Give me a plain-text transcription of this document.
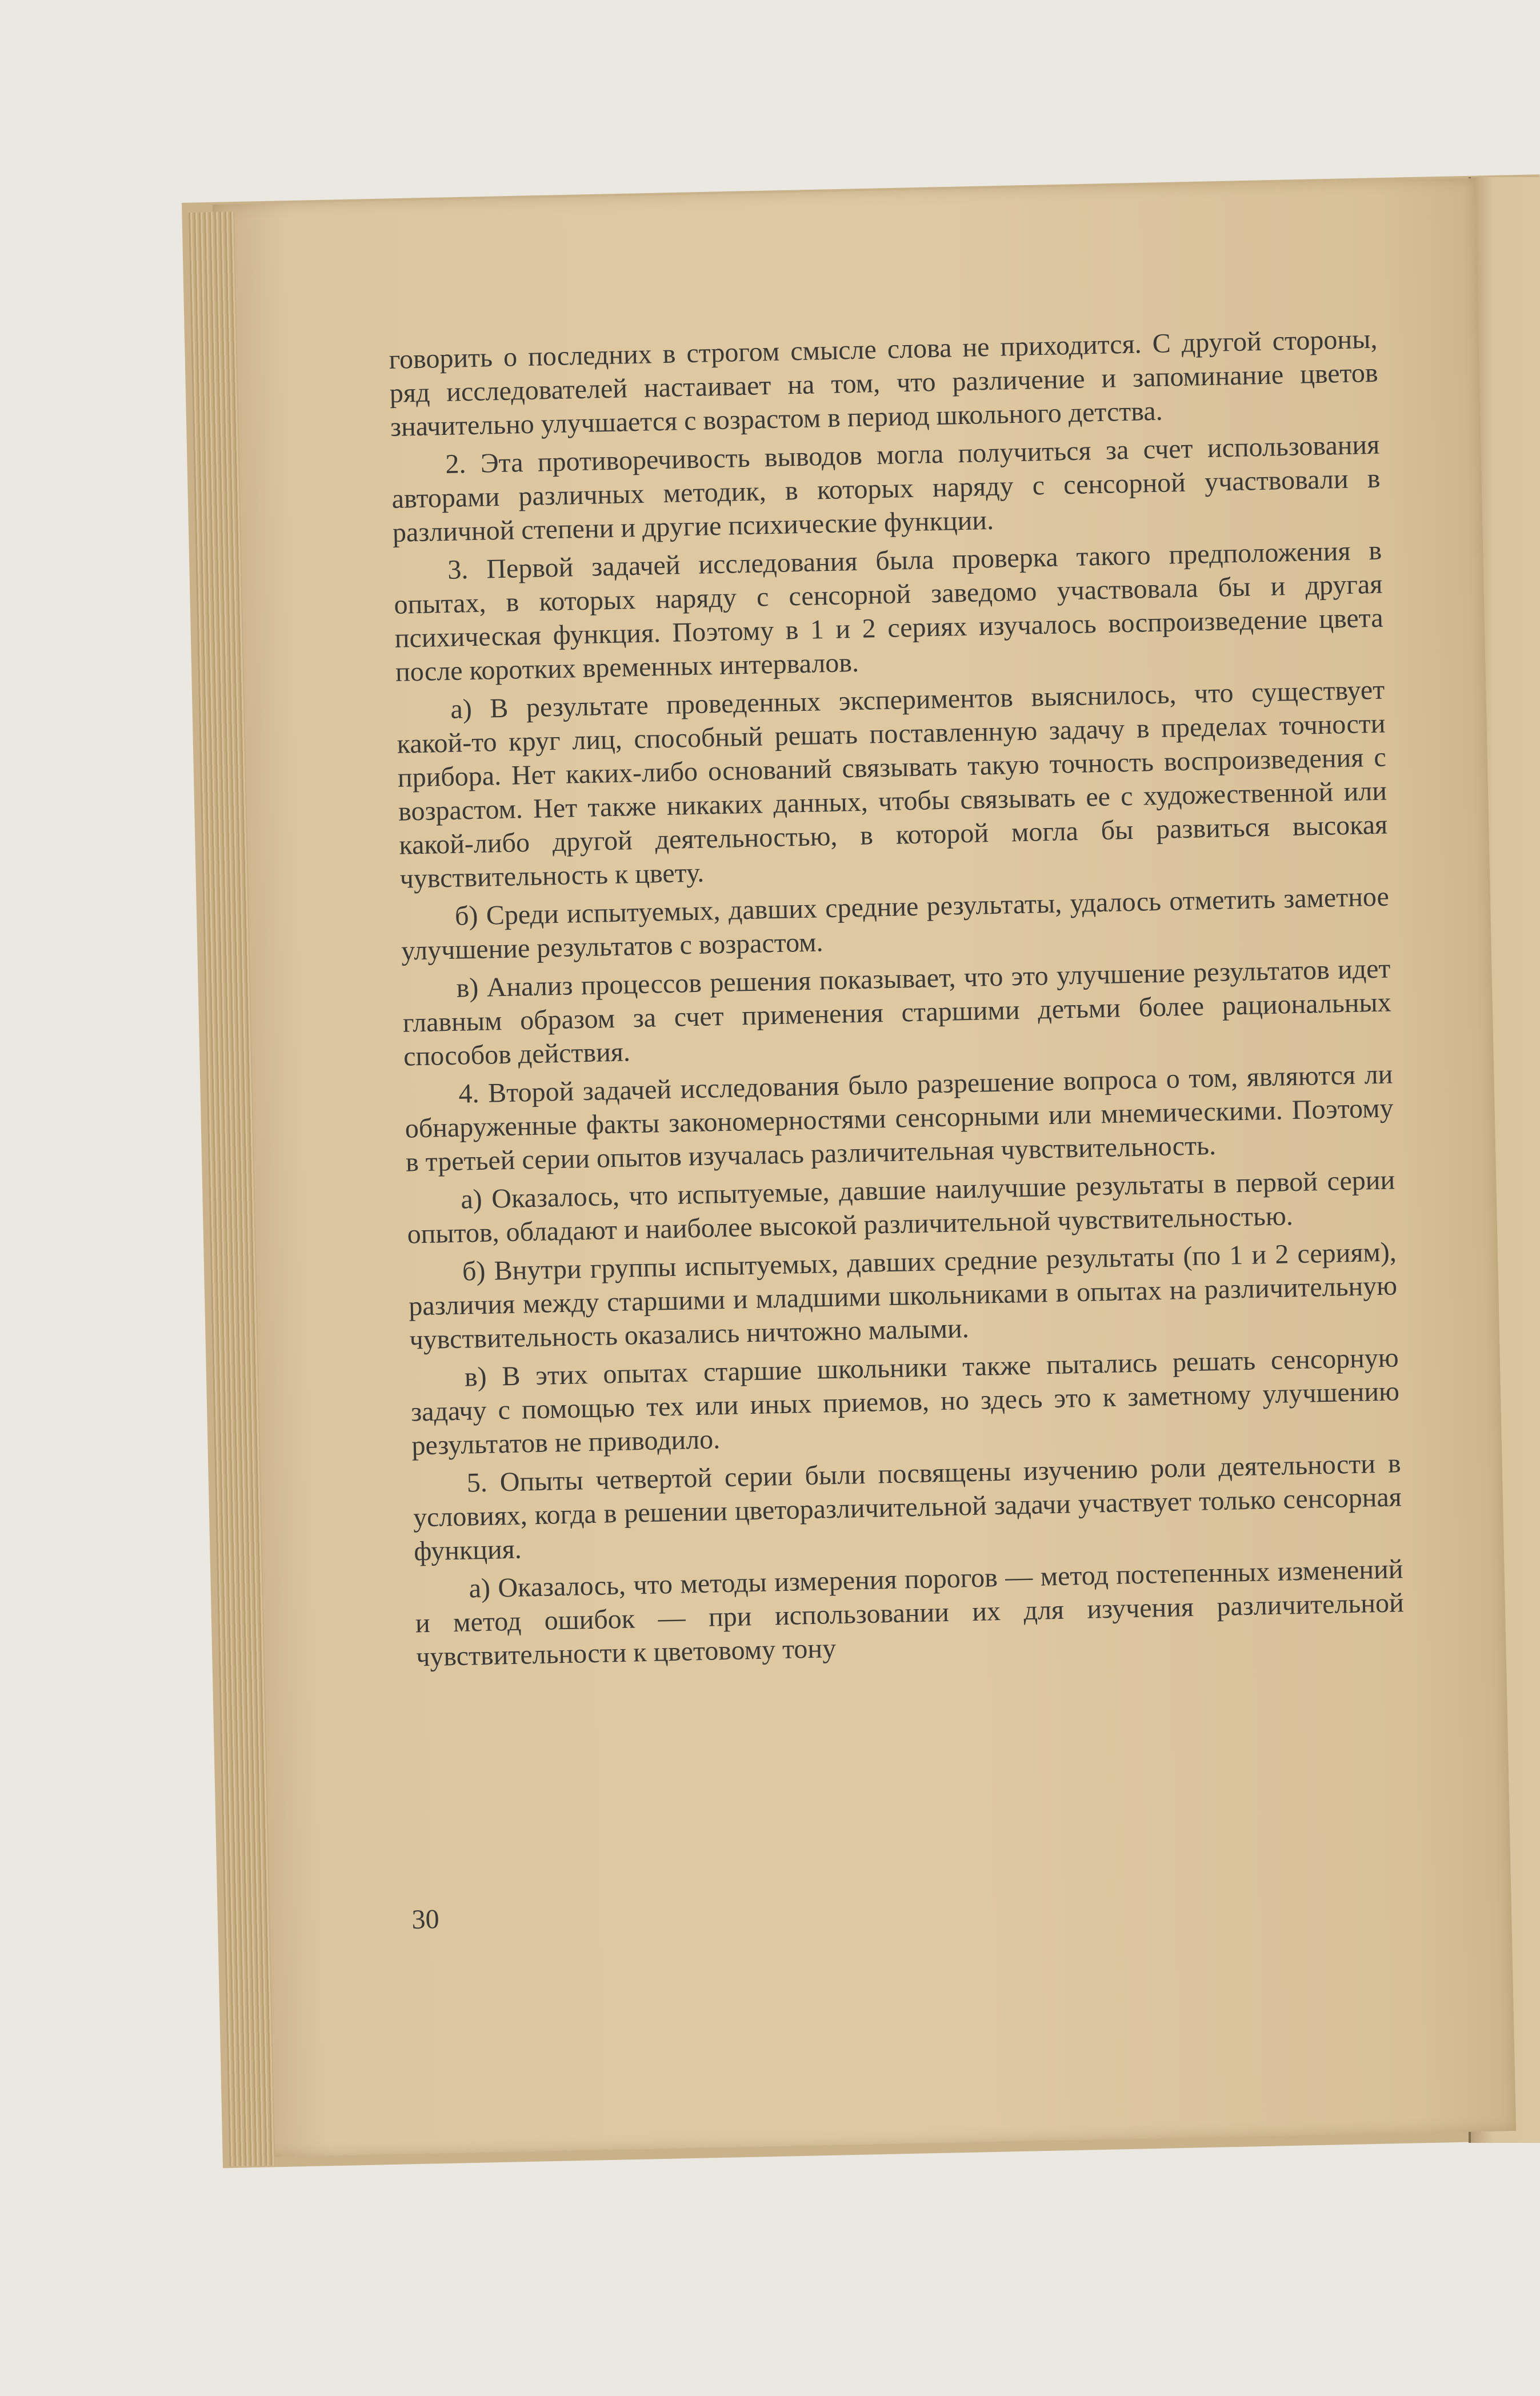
говорить о последних в строгом смысле слова не приходится. С другой стороны, ряд исследователей настаивает на том, что различение и запоминание цветов значительно улучшается с возрастом в период школьного детства.

2. Эта противоречивость выводов могла получиться за счет использования авторами различных методик, в которых наряду с сенсорной участвовали в различной степени и другие психические функции.

3. Первой задачей исследования была проверка такого предположения в опытах, в которых наряду с сенсорной заведомо участвовала бы и другая психическая функция. Поэтому в 1 и 2 сериях изучалось воспроизведение цвета после коротких временных интервалов.

а) В результате проведенных экспериментов выяснилось, что существует какой-то круг лиц, способный решать поставленную задачу в пределах точности прибора. Нет каких-либо оснований связывать такую точность воспроизведения с возрастом. Нет также никаких данных, чтобы связывать ее с художественной или какой-либо другой деятельностью, в которой могла бы развиться высокая чувствительность к цвету.

б) Среди испытуемых, давших средние результаты, удалось отметить заметное улучшение результатов с возрастом.

в) Анализ процессов решения показывает, что это улучшение результатов идет главным образом за счет применения старшими детьми более рациональных способов действия.

4. Второй задачей исследования было разрешение вопроса о том, являются ли обнаруженные факты закономерностями сенсорными или мнемическими. Поэтому в третьей серии опытов изучалась различительная чувствительность.

а) Оказалось, что испытуемые, давшие наилучшие результаты в первой серии опытов, обладают и наиболее высокой различительной чувствительностью.

б) Внутри группы испытуемых, давших средние результаты (по 1 и 2 сериям), различия между старшими и младшими школьниками в опытах на различительную чувствительность оказались ничтожно малыми.

в) В этих опытах старшие школьники также пытались решать сенсорную задачу с помощью тех или иных приемов, но здесь это к заметному улучшению результатов не приводило.

5. Опыты четвертой серии были посвящены изучению роли деятельности в условиях, когда в решении цветоразличительной задачи участвует только сенсорная функция.

а) Оказалось, что методы измерения порогов — метод постепенных изменений и метод ошибок — при использовании их для изучения различительной чувствительности к цветовому тону

30
